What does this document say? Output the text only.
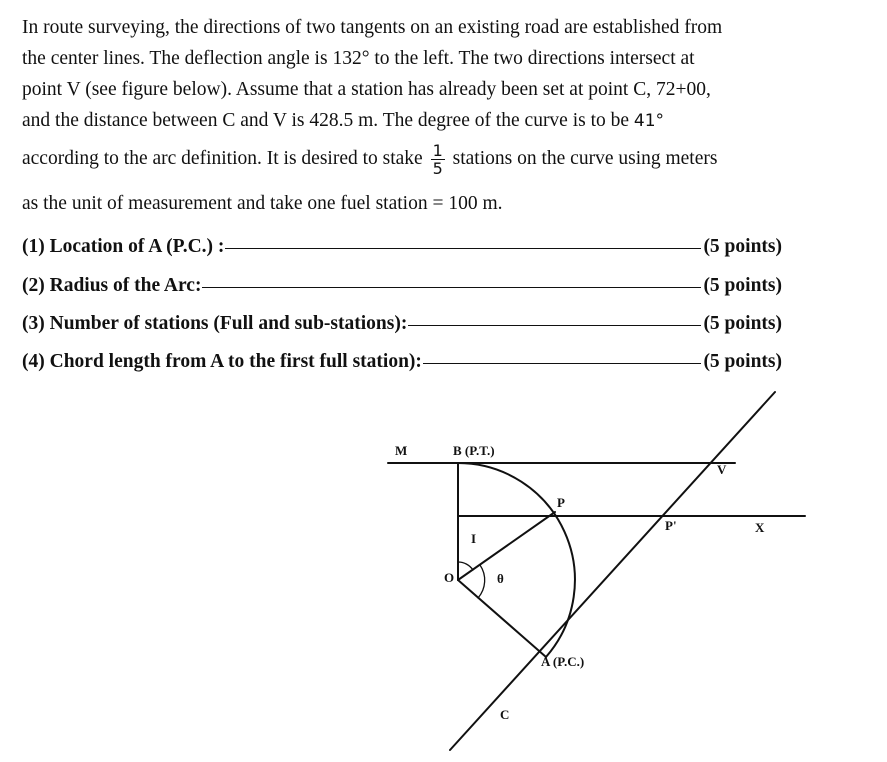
In route surveying, the directions of two tangents on an existing road are established from
the center lines. The deflection angle is 132° to the left. The two directions intersect at
point V (see figure below). Assume that a station has already been set at point C, 72+00,
and the distance between C and V is 428.5 m. The degree of the curve is to be 41°
according to the arc definition. It is desired to stake $\frac{1}{5}$ stations on the curve using meters
as the unit of measurement and take one fuel station = 100 m.
(1) Location of A (P.C.) :	(5 points)
(2) Radius of the Arc:	(5 points)
(3) Number of stations (Full and sub-stations):	(5 points)
(4) Chord length from A to the first full station):	(5 points)
M	B (P.T.)
V
P
P'	X
I
O	θ
A (P.C.)
C
